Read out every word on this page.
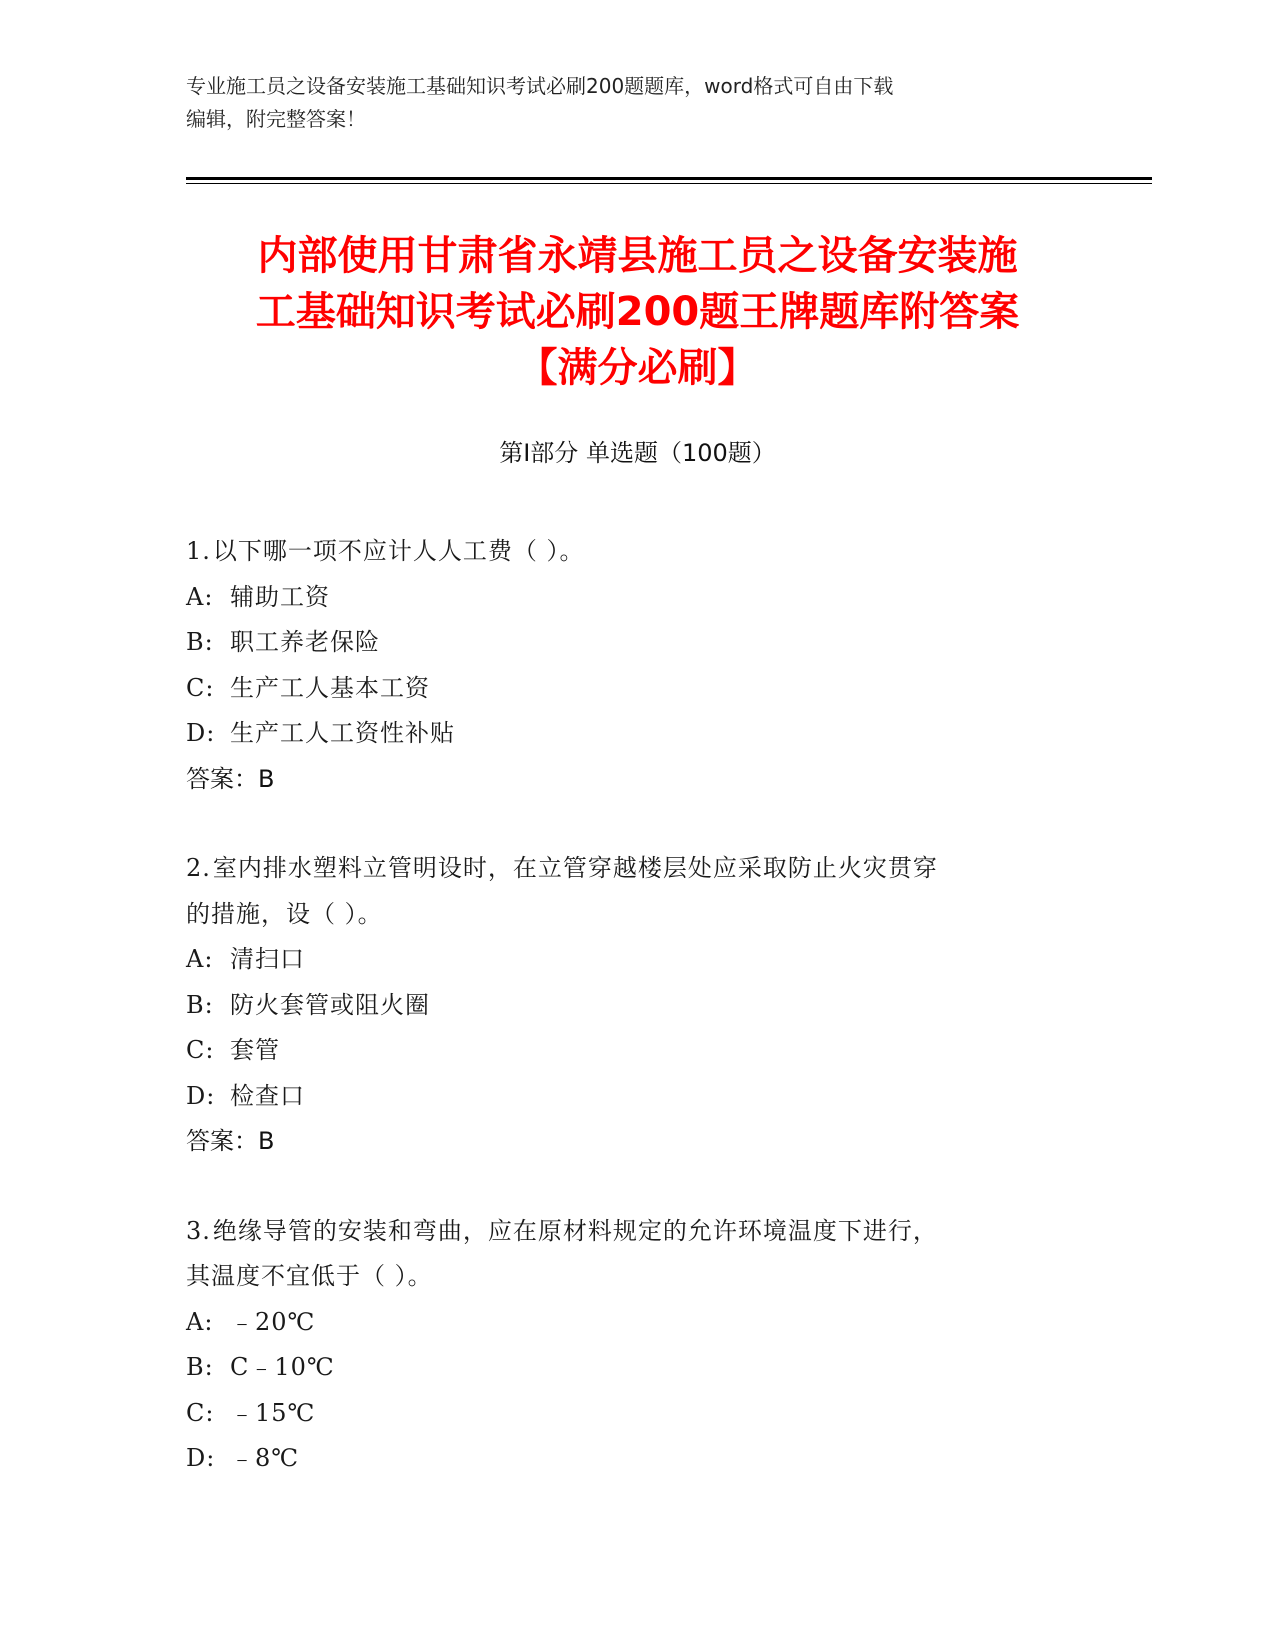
专业施工员之设备安装施工基础知识考试必刷200题题库，word格式可自由下载
编辑，附完整答案！
内部使用甘肃省永靖县施工员之设备安装施
工基础知识考试必刷200题王牌题库附答案
【满分必刷】
第Ⅰ部分 单选题（100题）
1.以下哪一项不应计人人工费（ ）。
A: 辅助工资
B: 职工养老保险
C: 生产工人基本工资
D: 生产工人工资性补贴
答案：B
2.室内排水塑料立管明设时，在立管穿越楼层处应采取防止火灾贯穿
的措施，设（ ）。
A: 清扫口
B: 防火套管或阻火圈
C: 套管
D: 检查口
答案：B
3.绝缘导管的安装和弯曲，应在原材料规定的允许环境温度下进行，
其温度不宜低于（ ）。
A: ﹣20℃
B: C﹣10℃
C: ﹣15℃
D: ﹣8℃
